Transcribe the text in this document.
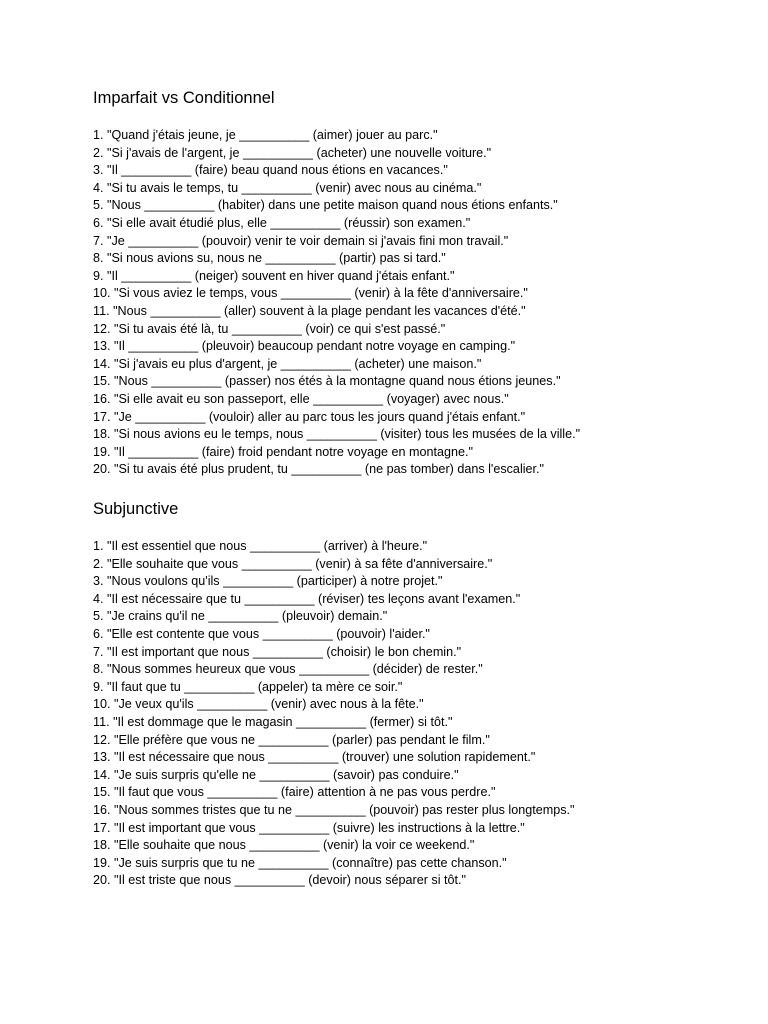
Imparfait vs Conditionnel
1. "Quand j'étais jeune, je __________ (aimer) jouer au parc."
2. "Si j'avais de l'argent, je __________ (acheter) une nouvelle voiture."
3. "Il __________ (faire) beau quand nous étions en vacances."
4. "Si tu avais le temps, tu __________ (venir) avec nous au cinéma."
5. "Nous __________ (habiter) dans une petite maison quand nous étions enfants."
6. "Si elle avait étudié plus, elle __________ (réussir) son examen."
7. "Je __________ (pouvoir) venir te voir demain si j'avais fini mon travail."
8. "Si nous avions su, nous ne __________ (partir) pas si tard."
9. "Il __________ (neiger) souvent en hiver quand j'étais enfant."
10. "Si vous aviez le temps, vous __________ (venir) à la fête d'anniversaire."
11. "Nous __________ (aller) souvent à la plage pendant les vacances d'été."
12. "Si tu avais été là, tu __________ (voir) ce qui s'est passé."
13. "Il __________ (pleuvoir) beaucoup pendant notre voyage en camping."
14. "Si j'avais eu plus d'argent, je __________ (acheter) une maison."
15. "Nous __________ (passer) nos étés à la montagne quand nous étions jeunes."
16. "Si elle avait eu son passeport, elle __________ (voyager) avec nous."
17. "Je __________ (vouloir) aller au parc tous les jours quand j'étais enfant."
18. "Si nous avions eu le temps, nous __________ (visiter) tous les musées de la ville."
19. "Il __________ (faire) froid pendant notre voyage en montagne."
20. "Si tu avais été plus prudent, tu __________ (ne pas tomber) dans l'escalier."
Subjunctive
1. "Il est essentiel que nous __________ (arriver) à l'heure."
2. "Elle souhaite que vous __________ (venir) à sa fête d'anniversaire."
3. "Nous voulons qu'ils __________ (participer) à notre projet."
4. "Il est nécessaire que tu __________ (réviser) tes leçons avant l'examen."
5. "Je crains qu'il ne __________ (pleuvoir) demain."
6. "Elle est contente que vous __________ (pouvoir) l'aider."
7. "Il est important que nous __________ (choisir) le bon chemin."
8. "Nous sommes heureux que vous __________ (décider) de rester."
9. "Il faut que tu __________ (appeler) ta mère ce soir."
10. "Je veux qu'ils __________ (venir) avec nous à la fête."
11. "Il est dommage que le magasin __________ (fermer) si tôt."
12. "Elle préfère que vous ne __________ (parler) pas pendant le film."
13. "Il est nécessaire que nous __________ (trouver) une solution rapidement."
14. "Je suis surpris qu'elle ne __________ (savoir) pas conduire."
15. "Il faut que vous __________ (faire) attention à ne pas vous perdre."
16. "Nous sommes tristes que tu ne __________ (pouvoir) pas rester plus longtemps."
17. "Il est important que vous __________ (suivre) les instructions à la lettre."
18. "Elle souhaite que nous __________ (venir) la voir ce weekend."
19. "Je suis surpris que tu ne __________ (connaître) pas cette chanson."
20. "Il est triste que nous __________ (devoir) nous séparer si tôt."
